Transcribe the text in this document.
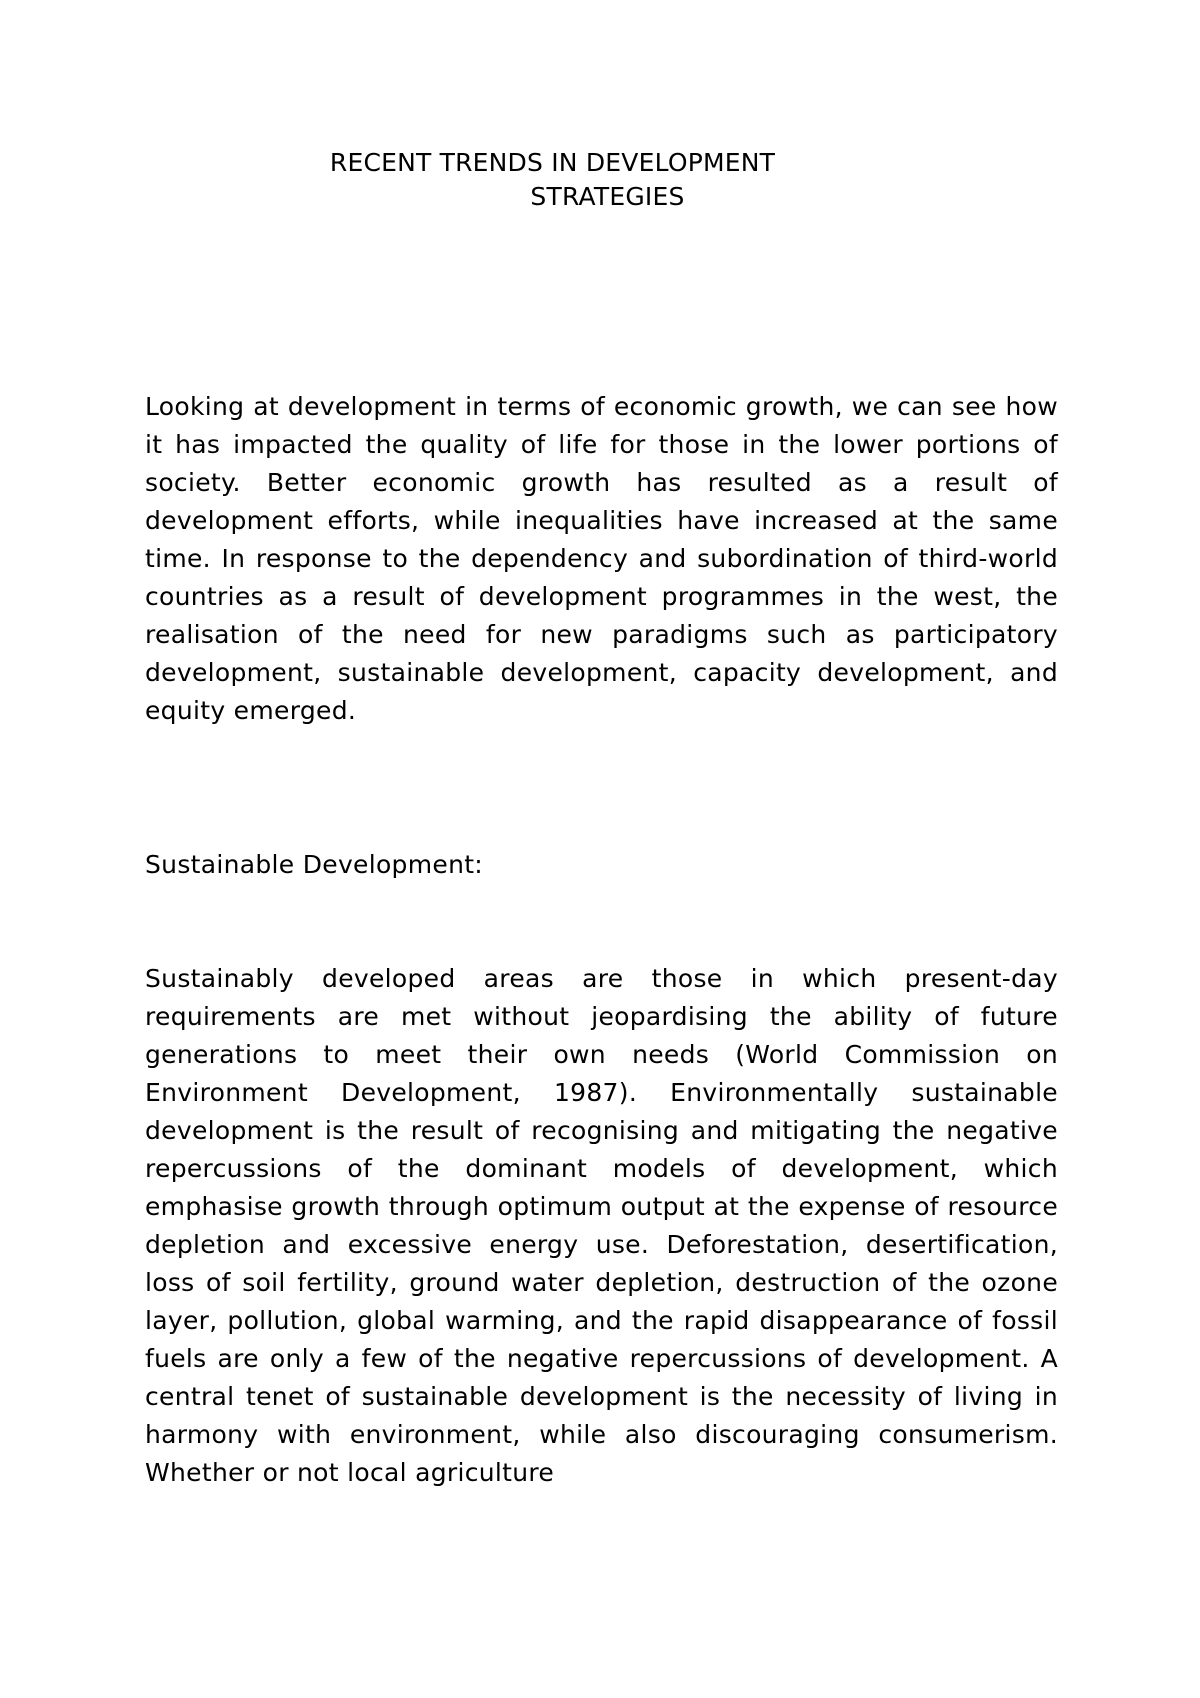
RECENT TRENDS IN DEVELOPMENT
STRATEGIES

Looking at development in terms of economic growth, we can see how it has impacted the quality of life for those in the lower portions of society. Better economic growth has resulted as a result of development efforts, while inequalities have increased at the same time. In response to the dependency and subordination of third-world countries as a result of development programmes in the west, the realisation of the need for new paradigms such as participatory development, sustainable development, capacity development, and equity emerged.

Sustainable Development:

Sustainably developed areas are those in which present-day requirements are met without jeopardising the ability of future generations to meet their own needs (World Commission on Environment Development, 1987). Environmentally sustainable development is the result of recognising and mitigating the negative repercussions of the dominant models of development, which emphasise growth through optimum output at the expense of resource depletion and excessive energy use. Deforestation, desertification, loss of soil fertility, ground water depletion, destruction of the ozone layer, pollution, global warming, and the rapid disappearance of fossil fuels are only a few of the negative repercussions of development. A central tenet of sustainable development is the necessity of living in harmony with environment, while also discouraging consumerism. Whether or not local agriculture
